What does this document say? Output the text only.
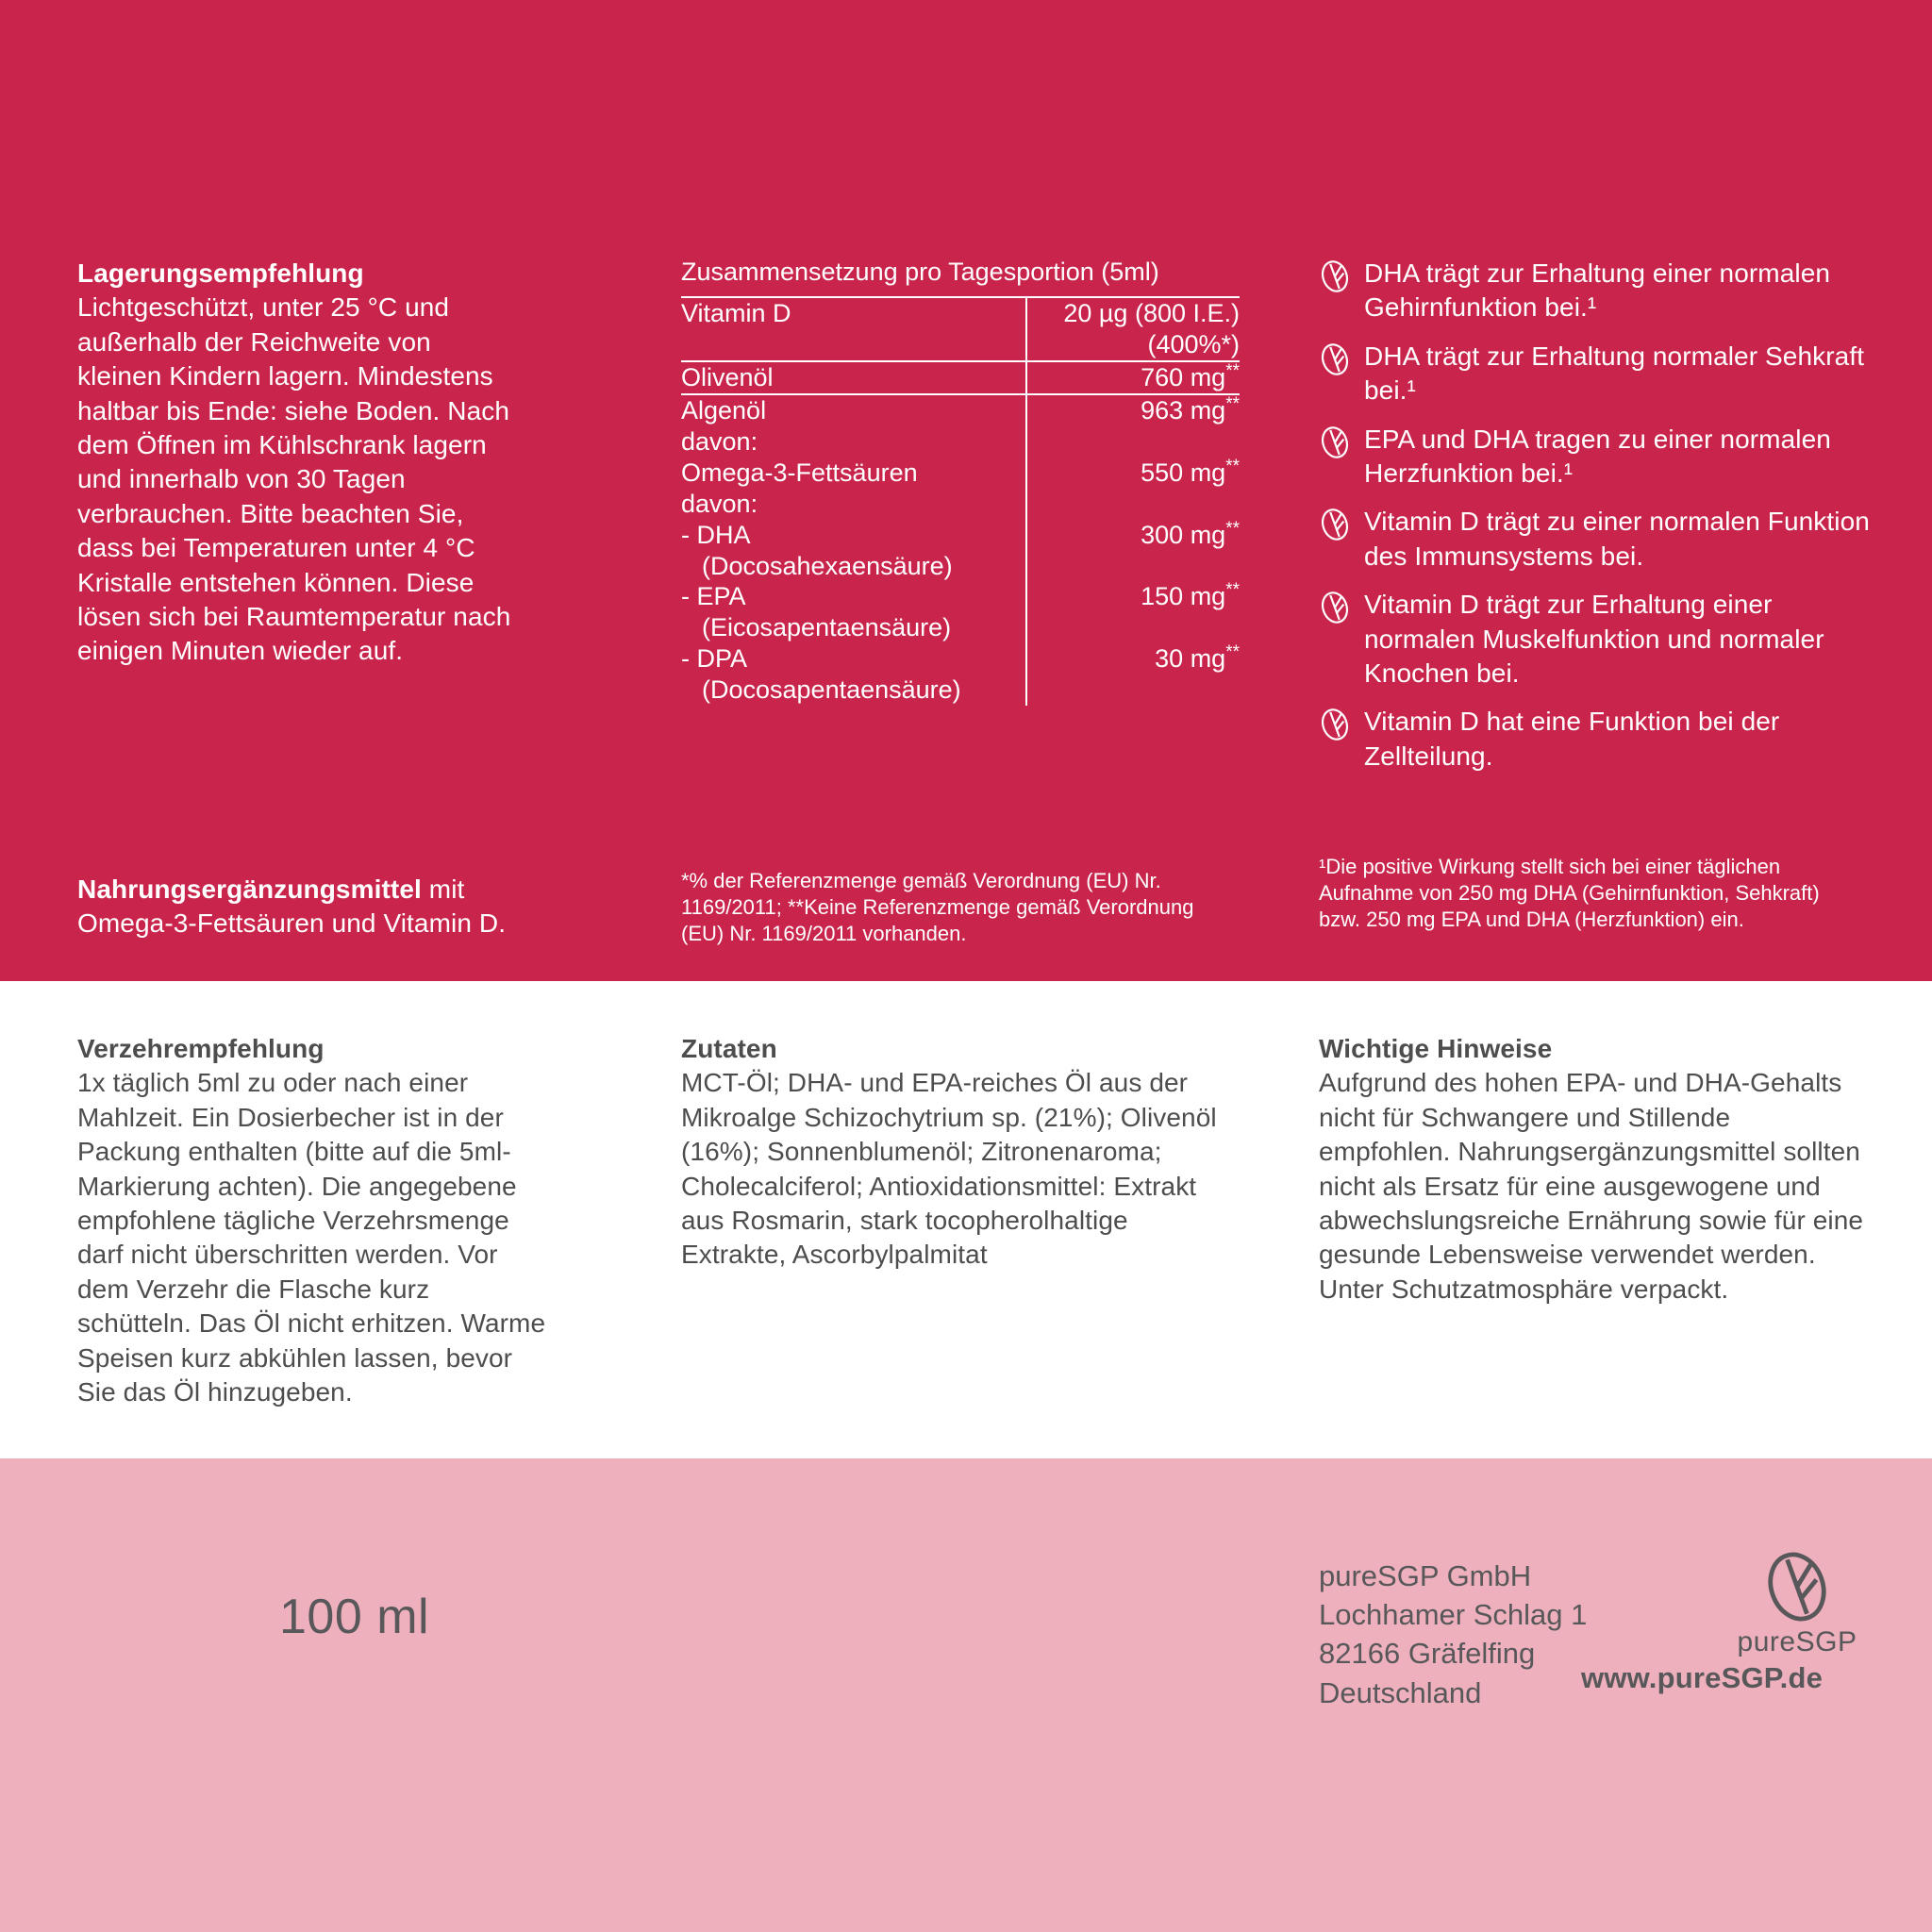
Lagerungsempfehlung

Lichtgeschützt, unter 25 °C und außerhalb der Reichweite von kleinen Kindern lagern. Mindestens haltbar bis Ende: siehe Boden. Nach dem Öffnen im Kühlschrank lagern und innerhalb von 30 Tagen verbrauchen. Bitte beachten Sie, dass bei Temperaturen unter 4 °C Kristalle entstehen können. Diese lösen sich bei Raumtemperatur nach einigen Minuten wieder auf.

Nahrungsergänzungsmittel mit Omega-3-Fettsäuren und Vitamin D.

Zusammensetzung pro Tagesportion (5ml)	
Vitamin D	20 µg (800 I.E.)
(400%*)

Olivenöl	760 mg**
Algenöl	963 mg**

davon:
Omega-3-Fettsäuren	550 mg**

davon:
- DHA
(Docosahexaensäure)	300 mg**

- EPA
(Eicosapentaensäure)	150 mg**

- DPA
(Docosapentaensäure)	30 mg**
*% der Referenzmenge gemäß Verordnung (EU) Nr. 1169/2011; **Keine Referenzmenge gemäß Verordnung (EU) Nr. 1169/2011 vorhanden.
DHA trägt zur Erhaltung einer normalen Gehirnfunktion bei.¹
DHA trägt zur Erhaltung normaler Sehkraft bei.¹
EPA und DHA tragen zu einer normalen Herzfunktion bei.¹
Vitamin D trägt zu einer normalen Funktion des Immunsystems bei.
Vitamin D trägt zur Erhaltung einer normalen Muskelfunktion und normaler Knochen bei.
Vitamin D hat eine Funktion bei der Zellteilung.
¹Die positive Wirkung stellt sich bei einer täglichen Aufnahme von 250 mg DHA (Gehirnfunktion, Sehkraft) bzw. 250 mg EPA und DHA (Herzfunktion) ein.
Verzehrempfehlung

1x täglich 5ml zu oder nach einer Mahlzeit. Ein Dosierbecher ist in der Packung enthalten (bitte auf die 5ml-Markierung achten). Die angegebene empfohlene tägliche Verzehrsmenge darf nicht überschritten werden. Vor dem Verzehr die Flasche kurz schütteln. Das Öl nicht erhitzen. Warme Speisen kurz abkühlen lassen, bevor Sie das Öl hinzugeben.

Zutaten

MCT-Öl; DHA- und EPA-reiches Öl aus der Mikroalge Schizochytrium sp. (21%); Olivenöl (16%); Sonnenblumenöl; Zitronenaroma; Cholecalciferol; Antioxidationsmittel: Extrakt aus Rosmarin, stark tocopherolhaltige Extrakte, Ascorbylpalmitat

Wichtige Hinweise

Aufgrund des hohen EPA- und DHA-Gehalts nicht für Schwangere und Stillende empfohlen. Nahrungsergänzungsmittel sollten nicht als Ersatz für eine ausgewogene und abwechslungsreiche Ernährung sowie für eine gesunde Lebensweise verwendet werden. Unter Schutzatmosphäre verpackt.

100 ml
pureSGP GmbH
Lochhamer Schlag 1
82166 Gräfelfing
Deutschland
pureSGP
www.pureSGP.de
